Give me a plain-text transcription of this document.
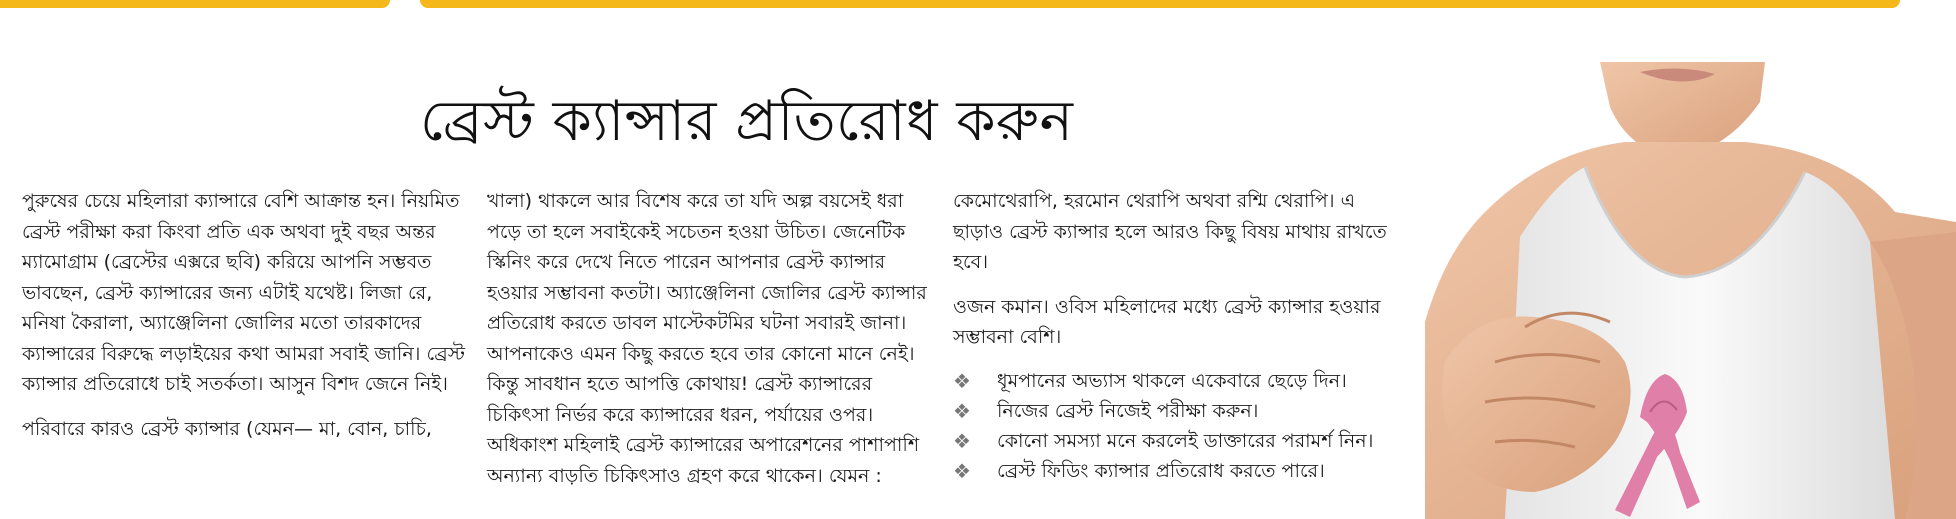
ব্রেস্ট ক্যান্সার প্রতিরোধ করুন

পুরুষের চেয়ে মহিলারা ক্যান্সারে বেশি আক্রান্ত হন। নিয়মিত ব্রেস্ট পরীক্ষা করা কিংবা প্রতি এক অথবা দুই বছর অন্তর ম্যামোগ্রাম (ব্রেস্টের এক্সরে ছবি) করিয়ে আপনি সম্ভবত ভাবছেন, ব্রেস্ট ক্যান্সারের জন্য এটাই যথেষ্ট। লিজা রে, মনিষা কৈরালা, অ্যাঞ্জেলিনা জোলির মতো তারকাদের ক্যান্সারের বিরুদ্ধে লড়াইয়ের কথা আমরা সবাই জানি। ব্রেস্ট ক্যান্সার প্রতিরোধে চাই সতর্কতা। আসুন বিশদ জেনে নিই।

পরিবারে কারও ব্রেস্ট ক্যান্সার (যেমন— মা, বোন, চাচি,

খালা) থাকলে আর বিশেষ করে তা যদি অল্প বয়সেই ধরা পড়ে তা হলে সবাইকেই সচেতন হওয়া উচিত। জেনেটিক স্কিনিং করে দেখে নিতে পারেন আপনার ব্রেস্ট ক্যান্সার হওয়ার সম্ভাবনা কতটা। অ্যাঞ্জেলিনা জোলির ব্রেস্ট ক্যান্সার প্রতিরোধ করতে ডাবল মাস্টেকটমির ঘটনা সবারই জানা। আপনাকেও এমন কিছু করতে হবে তার কোনো মানে নেই। কিন্তু সাবধান হতে আপত্তি কোথায়! ব্রেস্ট ক্যান্সারের চিকিৎসা নির্ভর করে ক্যান্সারের ধরন, পর্যায়ের ওপর। অধিকাংশ মহিলাই ব্রেস্ট ক্যান্সারের অপারেশনের পাশাপাশি অন্যান্য বাড়তি চিকিৎসাও গ্রহণ করে থাকেন। যেমন :

কেমোথেরাপি, হরমোন থেরাপি অথবা রশ্মি থেরাপি। এ ছাড়াও ব্রেস্ট ক্যান্সার হলে আরও কিছু বিষয় মাথায় রাখতে হবে।

ওজন কমান। ওবিস মহিলাদের মধ্যে ব্রেস্ট ক্যান্সার হওয়ার সম্ভাবনা বেশি।

❖	ধূমপানের অভ্যাস থাকলে একেবারে ছেড়ে দিন।
❖	নিজের ব্রেস্ট নিজেই পরীক্ষা করুন।
❖	কোনো সমস্যা মনে করলেই ডাক্তারের পরামর্শ নিন।
❖	ব্রেস্ট ফিডিং ক্যান্সার প্রতিরোধ করতে পারে।
